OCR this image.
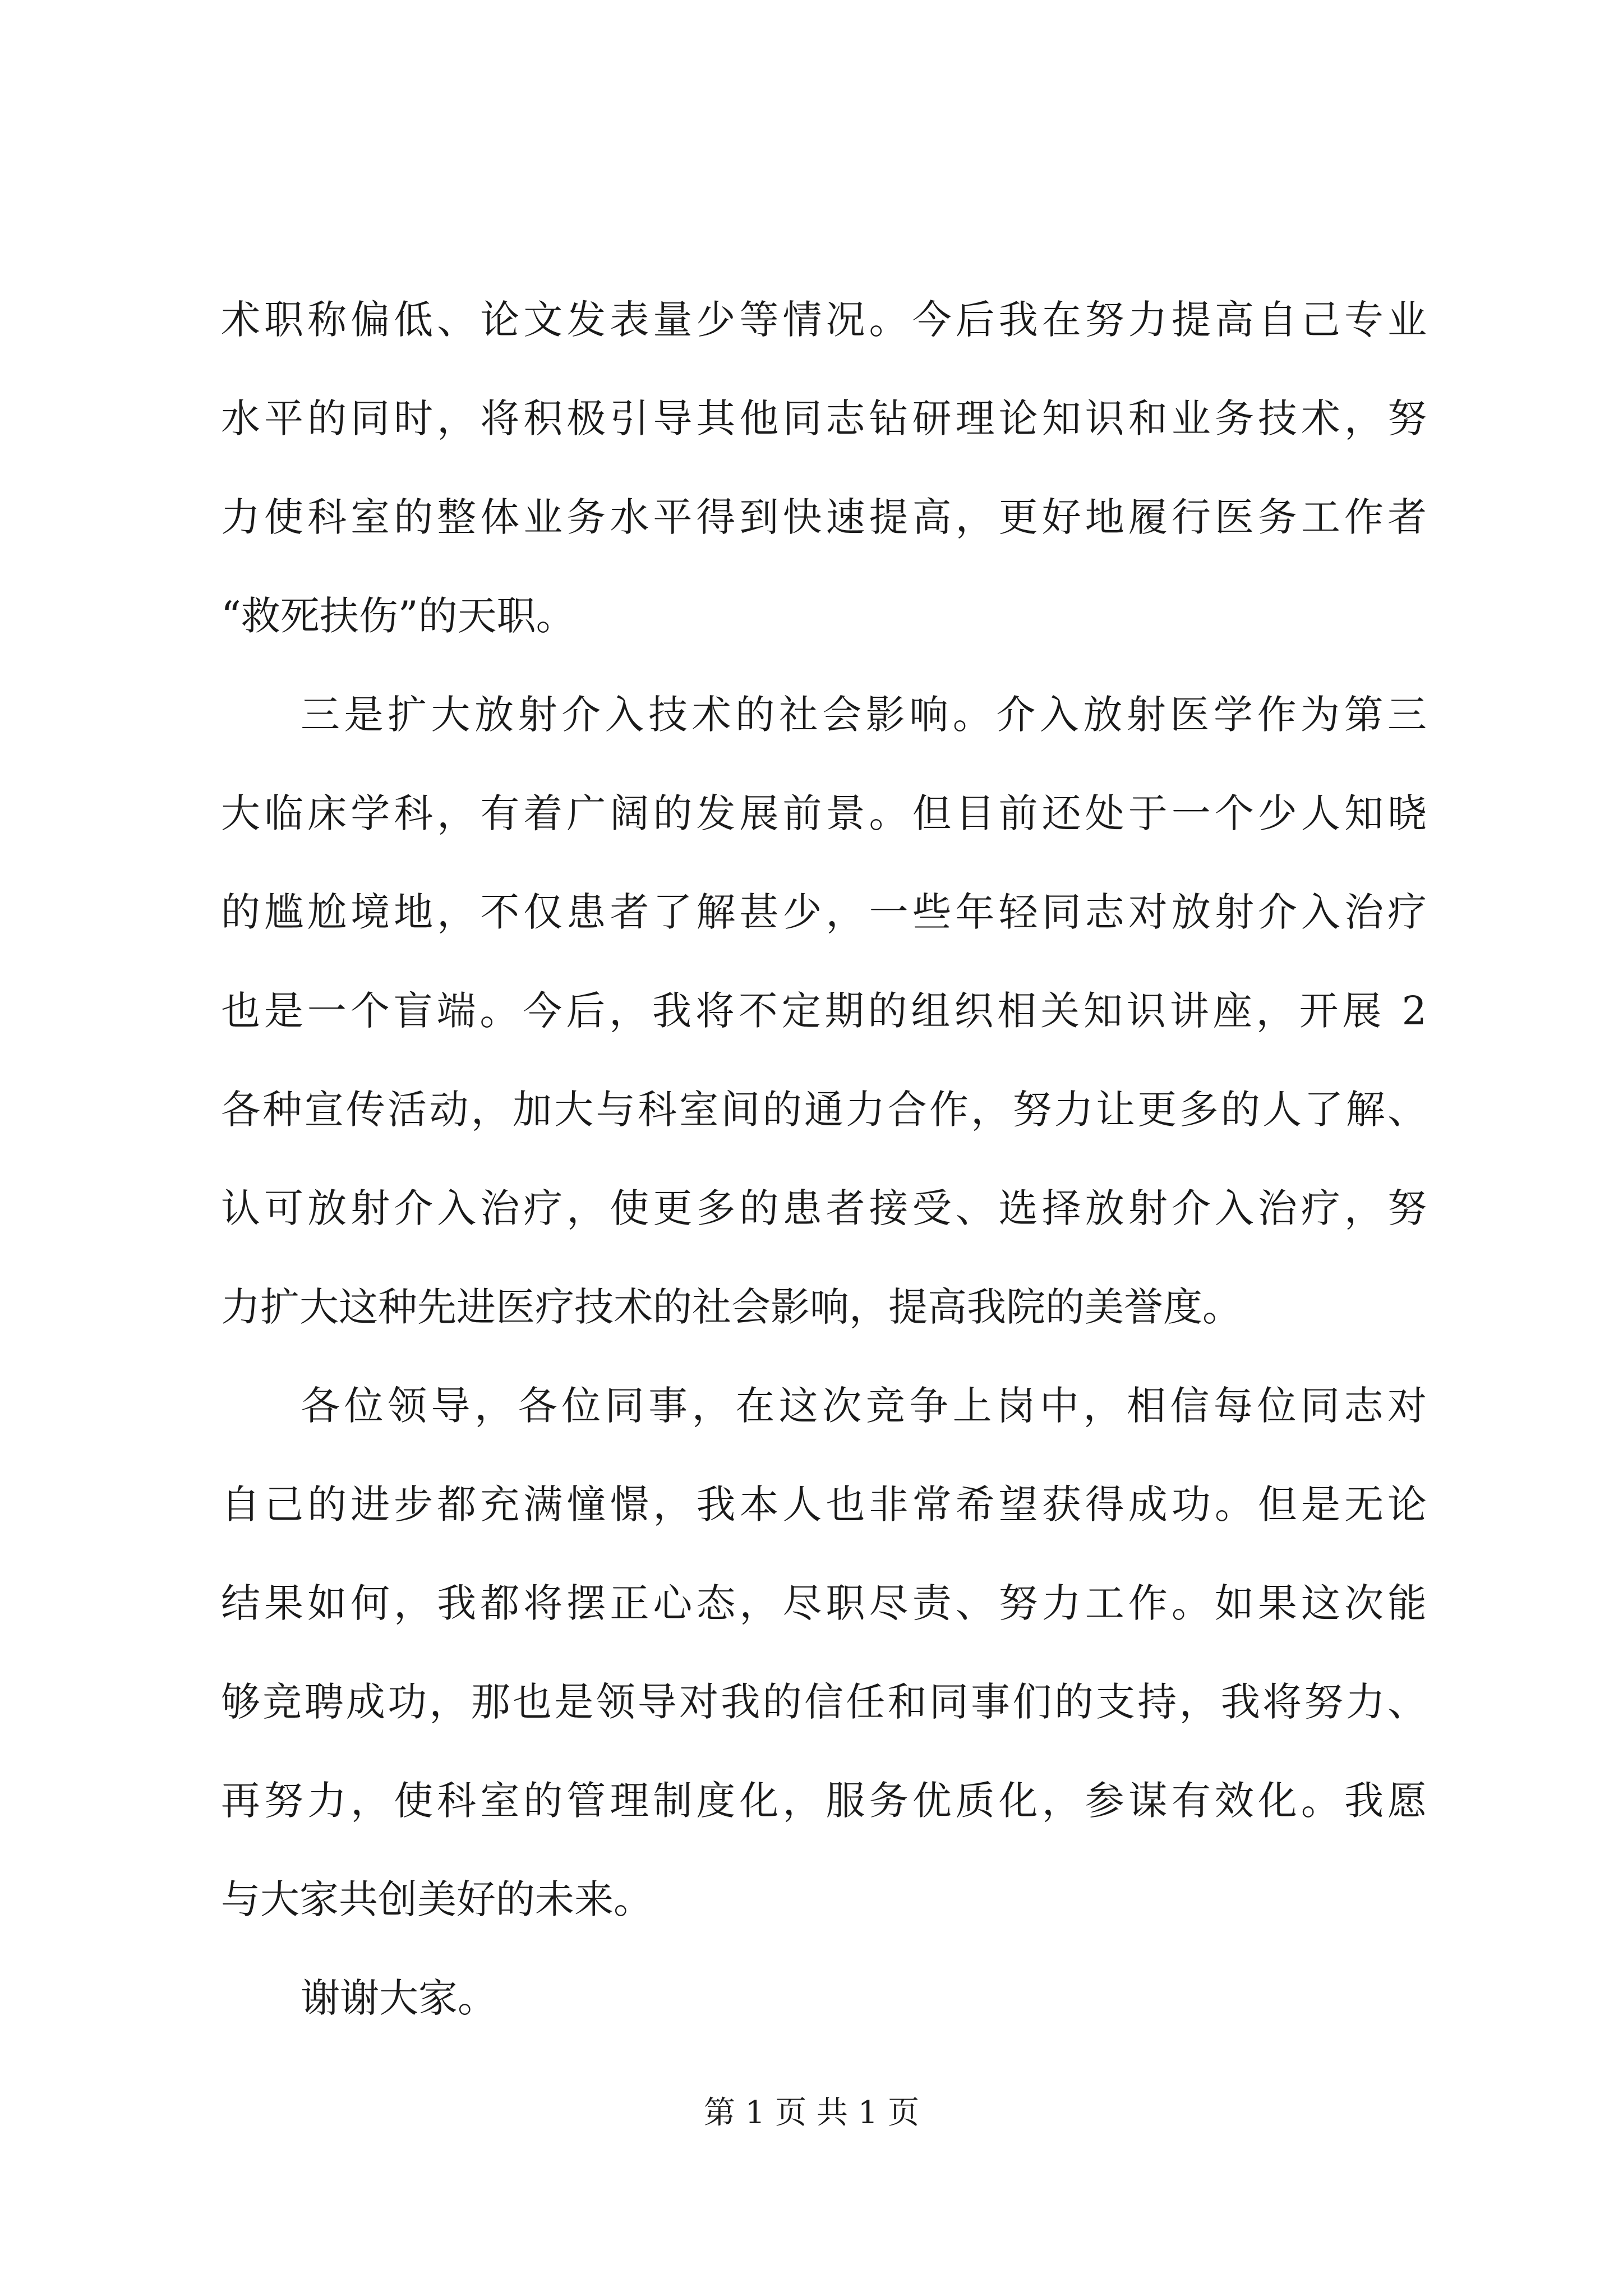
术职称偏低、论文发表量少等情况。今后我在努力提高自己专业
水平的同时，将积极引导其他同志钻研理论知识和业务技术，努
力使科室的整体业务水平得到快速提高，更好地履行医务工作者
“救死扶伤”的天职。
三是扩大放射介入技术的社会影响。介入放射医学作为第三
大临床学科，有着广阔的发展前景。但目前还处于一个少人知晓
的尴尬境地，不仅患者了解甚少，一些年轻同志对放射介入治疗
也是一个盲端。今后，我将不定期的组织相关知识讲座，开展 2
各种宣传活动，加大与科室间的通力合作，努力让更多的人了解、
认可放射介入治疗，使更多的患者接受、选择放射介入治疗，努
力扩大这种先进医疗技术的社会影响，提高我院的美誉度。
各位领导，各位同事，在这次竞争上岗中，相信每位同志对
自己的进步都充满憧憬，我本人也非常希望获得成功。但是无论
结果如何，我都将摆正心态，尽职尽责、努力工作。如果这次能
够竞聘成功，那也是领导对我的信任和同事们的支持，我将努力、
再努力，使科室的管理制度化，服务优质化，参谋有效化。我愿
与大家共创美好的未来。
谢谢大家。
第 1 页 共 1 页
